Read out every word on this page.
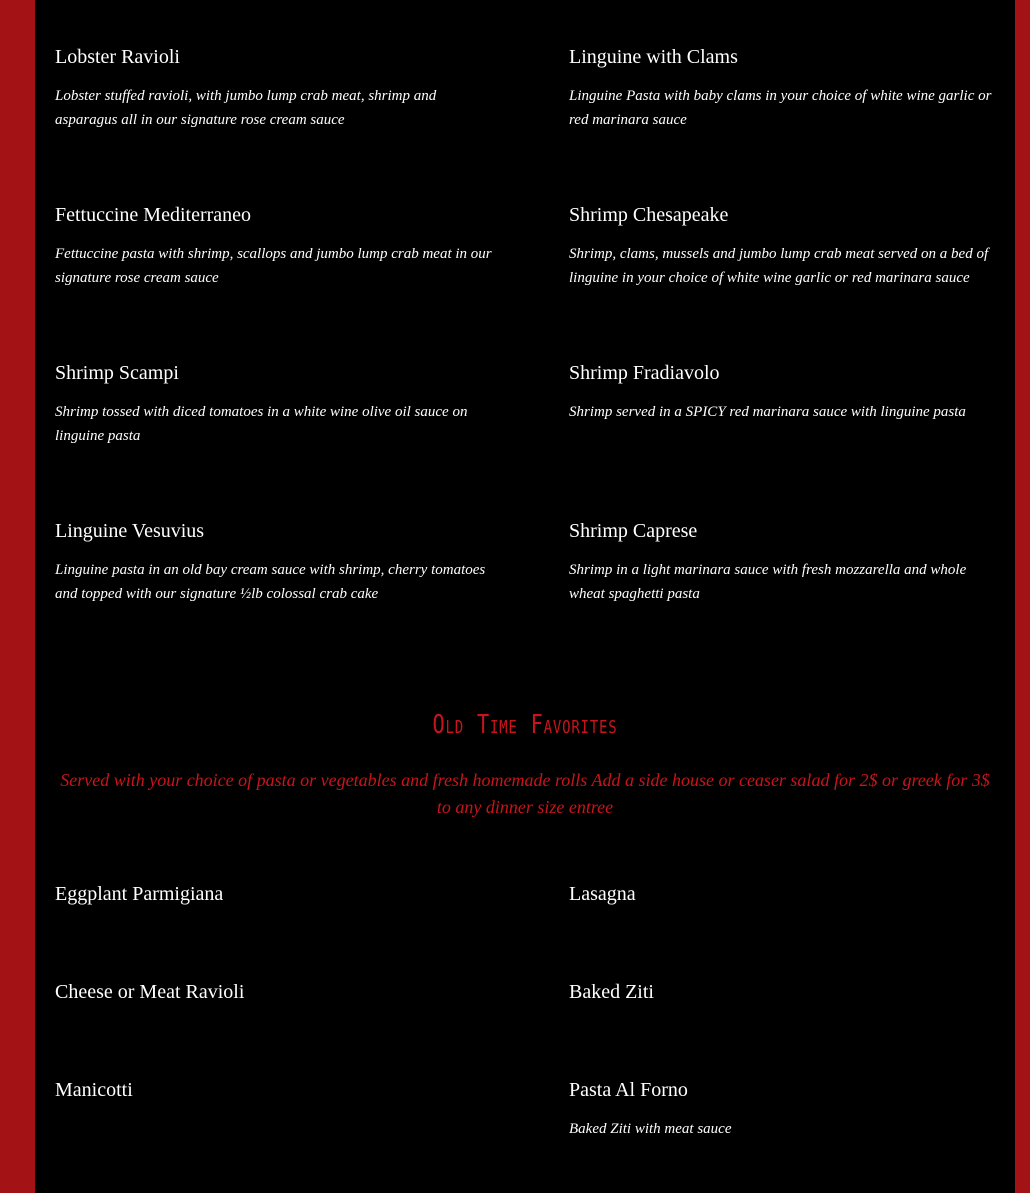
Lobster Ravioli

Lobster stuffed ravioli, with jumbo lump crab meat, shrimp and asparagus all in our signature rose cream sauce

Linguine with Clams

Linguine Pasta with baby clams in your choice of white wine garlic or red marinara sauce

Fettuccine Mediterraneo

Fettuccine pasta with shrimp, scallops and jumbo lump crab meat in our signature rose cream sauce

Shrimp Chesapeake

Shrimp, clams, mussels and jumbo lump crab meat served on a bed of linguine in your choice of white wine garlic or red marinara sauce

Shrimp Scampi

Shrimp tossed with diced tomatoes in a white wine olive oil sauce on linguine pasta

Shrimp Fradiavolo

Shrimp served in a SPICY red marinara sauce with linguine pasta

Linguine Vesuvius

Linguine pasta in an old bay cream sauce with shrimp, cherry tomatoes and topped with our signature ½lb colossal crab cake

Shrimp Caprese

Shrimp in a light marinara sauce with fresh mozzarella and whole wheat spaghetti pasta

Old Time Favorites
Served with your choice of pasta or vegetables and fresh homemade rolls Add a side house or ceaser salad for 2$ or greek for 3$ to any dinner size entree
Eggplant Parmigiana	Lasagna
Cheese or Meat Ravioli	Baked Ziti
Manicotti	Pasta Al Forno

Baked Ziti with meat sauce
